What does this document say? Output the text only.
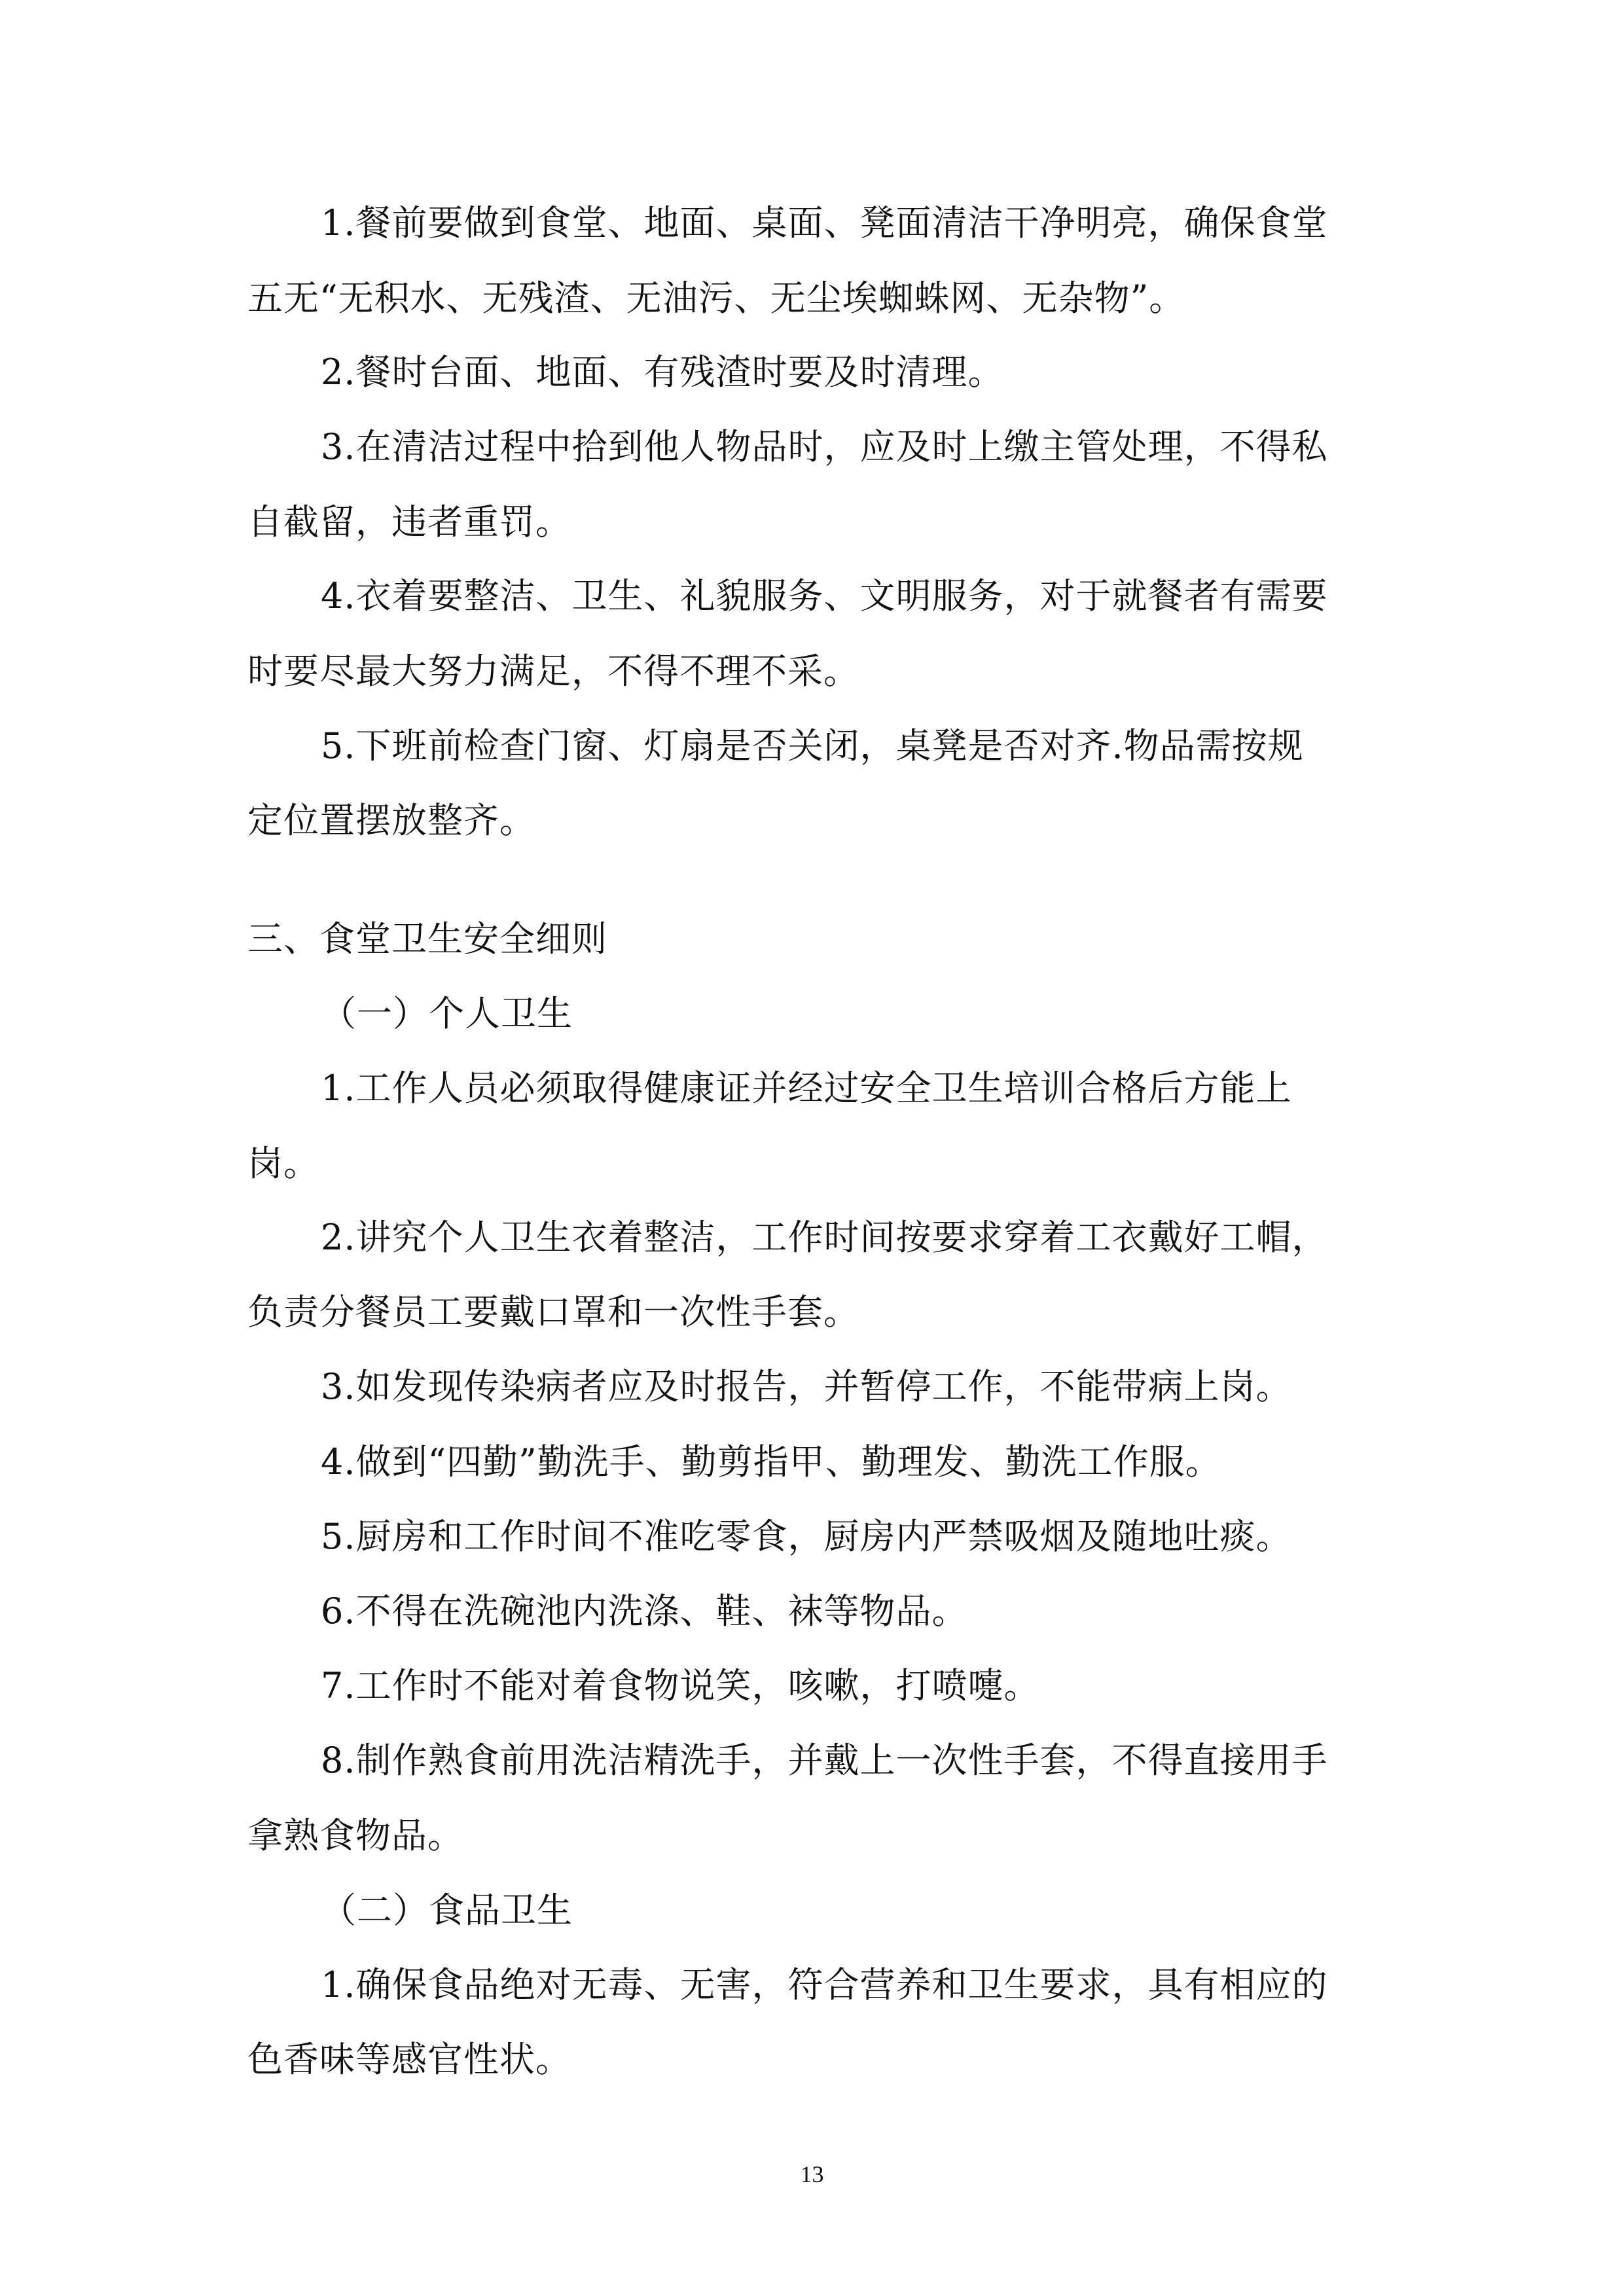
1.餐前要做到食堂、地面、桌面、凳面清洁干净明亮，确保食堂
五无“无积水、无残渣、无油污、无尘埃蜘蛛网、无杂物”。
2.餐时台面、地面、有残渣时要及时清理。
3.在清洁过程中拾到他人物品时，应及时上缴主管处理，不得私
自截留，违者重罚。
4.衣着要整洁、卫生、礼貌服务、文明服务，对于就餐者有需要
时要尽最大努力满足，不得不理不采。
5.下班前检查门窗、灯扇是否关闭，桌凳是否对齐.物品需按规
定位置摆放整齐。
三、食堂卫生安全细则
（一）个人卫生
1.工作人员必须取得健康证并经过安全卫生培训合格后方能上
岗。
2.讲究个人卫生衣着整洁，工作时间按要求穿着工衣戴好工帽，
负责分餐员工要戴口罩和一次性手套。
3.如发现传染病者应及时报告，并暂停工作，不能带病上岗。
4.做到“四勤”勤洗手、勤剪指甲、勤理发、勤洗工作服。
5.厨房和工作时间不准吃零食，厨房内严禁吸烟及随地吐痰。
6.不得在洗碗池内洗涤、鞋、袜等物品。
7.工作时不能对着食物说笑，咳嗽，打喷嚏。
8.制作熟食前用洗洁精洗手，并戴上一次性手套，不得直接用手
拿熟食物品。
（二）食品卫生
1.确保食品绝对无毒、无害，符合营养和卫生要求，具有相应的
色香味等感官性状。
13
